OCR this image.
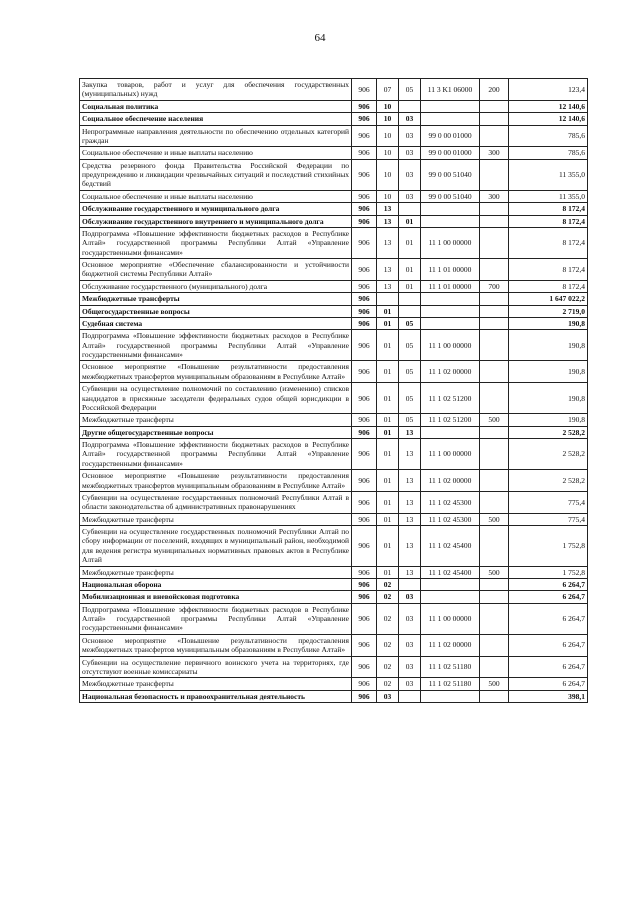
64
Закупка товаров, работ и услуг для обеспечения государственных (муниципальных) нужд	906	07	05	11 3 K1 06000	200	123,4
Социальная политика	906	10				12 140,6
Социальное обеспечение населения	906	10	03			12 140,6
Непрограммные направления деятельности по обеспечению отдельных категорий граждан	906	10	03	99 0 00 01000		785,6
Социальное обеспечение и иные выплаты населению	906	10	03	99 0 00 01000	300	785,6
Средства резервного фонда Правительства Российской Федерации по предупреждению и ликвидации чрезвычайных ситуаций и последствий стихийных бедствий	906	10	03	99 0 00 51040		11 355,0
Социальное обеспечение и иные выплаты населению	906	10	03	99 0 00 51040	300	11 355,0
Обслуживание государственного и муниципального долга	906	13				8 172,4
Обслуживание государственного внутреннего и муниципального долга	906	13	01			8 172,4
Подпрограмма «Повышение эффективности бюджетных расходов в Республике Алтай» государственной программы Республики Алтай «Управление государственными финансами»	906	13	01	11 1 00 00000		8 172,4
Основное мероприятие «Обеспечение сбалансированности и устойчивости бюджетной системы Республики Алтай»	906	13	01	11 1 01 00000		8 172,4
Обслуживание государственного (муниципального) долга	906	13	01	11 1 01 00000	700	8 172,4
Межбюджетные трансферты	906					1 647 022,2
Общегосударственные вопросы	906	01				2 719,0
Судебная система	906	01	05			190,8
Подпрограмма «Повышение эффективности бюджетных расходов в Республике Алтай» государственной программы Республики Алтай «Управление государственными финансами»	906	01	05	11 1 00 00000		190,8
Основное мероприятие «Повышение результативности предоставления межбюджетных трансфертов муниципальным образованиям в Республике Алтай»	906	01	05	11 1 02 00000		190,8
Субвенции на осуществление полномочий по составлению (изменению) списков кандидатов в присяжные заседатели федеральных судов общей юрисдикции в Российской Федерации	906	01	05	11 1 02 51200		190,8
Межбюджетные трансферты	906	01	05	11 1 02 51200	500	190,8
Другие общегосударственные вопросы	906	01	13			2 528,2
Подпрограмма «Повышение эффективности бюджетных расходов в Республике Алтай» государственной программы Республики Алтай «Управление государственными финансами»	906	01	13	11 1 00 00000		2 528,2
Основное мероприятие «Повышение результативности предоставления межбюджетных трансфертов муниципальным образованиям в Республике Алтай»	906	01	13	11 1 02 00000		2 528,2
Субвенции на осуществление государственных полномочий Республики Алтай в области законодательства об административных правонарушениях	906	01	13	11 1 02 45300		775,4
Межбюджетные трансферты	906	01	13	11 1 02 45300	500	775,4
Субвенции на осуществление государственных полномочий Республики Алтай по сбору информации от поселений, входящих в муниципальный район, необходимой для ведения регистра муниципальных нормативных правовых актов в Республике Алтай	906	01	13	11 1 02 45400		1 752,8
Межбюджетные трансферты	906	01	13	11 1 02 45400	500	1 752,8
Национальная оборона	906	02				6 264,7
Мобилизационная и вневойсковая подготовка	906	02	03			6 264,7
Подпрограмма «Повышение эффективности бюджетных расходов в Республике Алтай» государственной программы Республики Алтай «Управление государственными финансами»	906	02	03	11 1 00 00000		6 264,7
Основное мероприятие «Повышение результативности предоставления межбюджетных трансфертов муниципальным образованиям в Республике Алтай»	906	02	03	11 1 02 00000		6 264,7
Субвенции на осуществление первичного воинского учета на территориях, где отсутствуют военные комиссариаты	906	02	03	11 1 02 51180		6 264,7
Межбюджетные трансферты	906	02	03	11 1 02 51180	500	6 264,7
Национальная безопасность и правоохранительная деятельность	906	03				398,1
